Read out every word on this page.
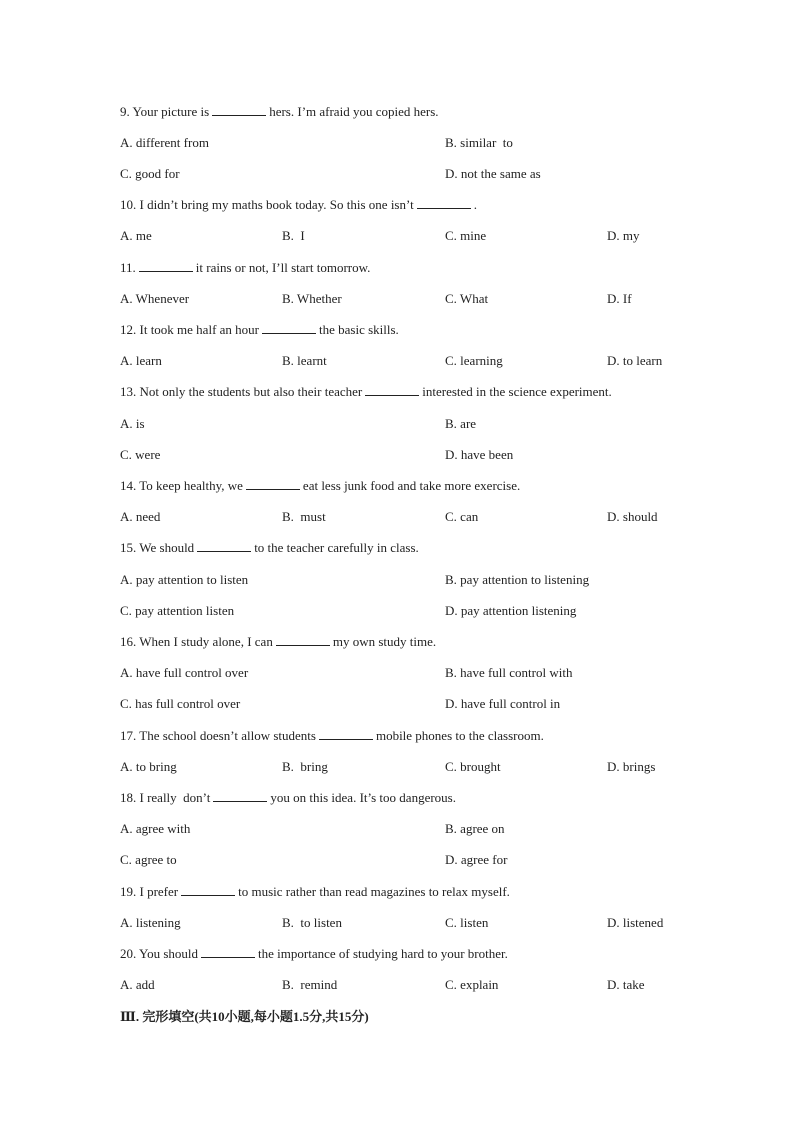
9. Your picture is	hers. I’m afraid you copied hers.
A. different from	B. similar  to
C. good for	D. not the same as
10. I didn’t bring my maths book today. So this one isn’t	.
A. me	B.  I	C. mine	D. my
11.	it rains or not, I’ll start tomorrow.
A. Whenever	B. Whether	C. What	D. If
12. It took me half an hour	the basic skills.
A. learn	B. learnt	C. learning	D. to learn
13. Not only the students but also their teacher	interested in the science experiment.
A. is	B. are
C. were	D. have been
14. To keep healthy, we	eat less junk food and take more exercise.
A. need	B.  must	C. can	D. should
15. We should	to the teacher carefully in class.
A. pay attention to listen	B. pay attention to listening
C. pay attention listen	D. pay attention listening
16. When I study alone, I can	my own study time.
A. have full control over	B. have full control with
C. has full control over	D. have full control in
17. The school doesn’t allow students	mobile phones to the classroom.
A. to bring	B.  bring	C. brought	D. brings
18. I really  don’t	you on this idea. It’s too dangerous.
A. agree with	B. agree on
C. agree to	D. agree for
19. I prefer	to music rather than read magazines to relax myself.
A. listening	B.  to listen	C. listen	D. listened
20. You should	the importance of studying hard to your brother.
A. add	B.  remind	C. explain	D. take
Ⅲ. 完形填空(共10小题,每小题1.5分,共15分)
